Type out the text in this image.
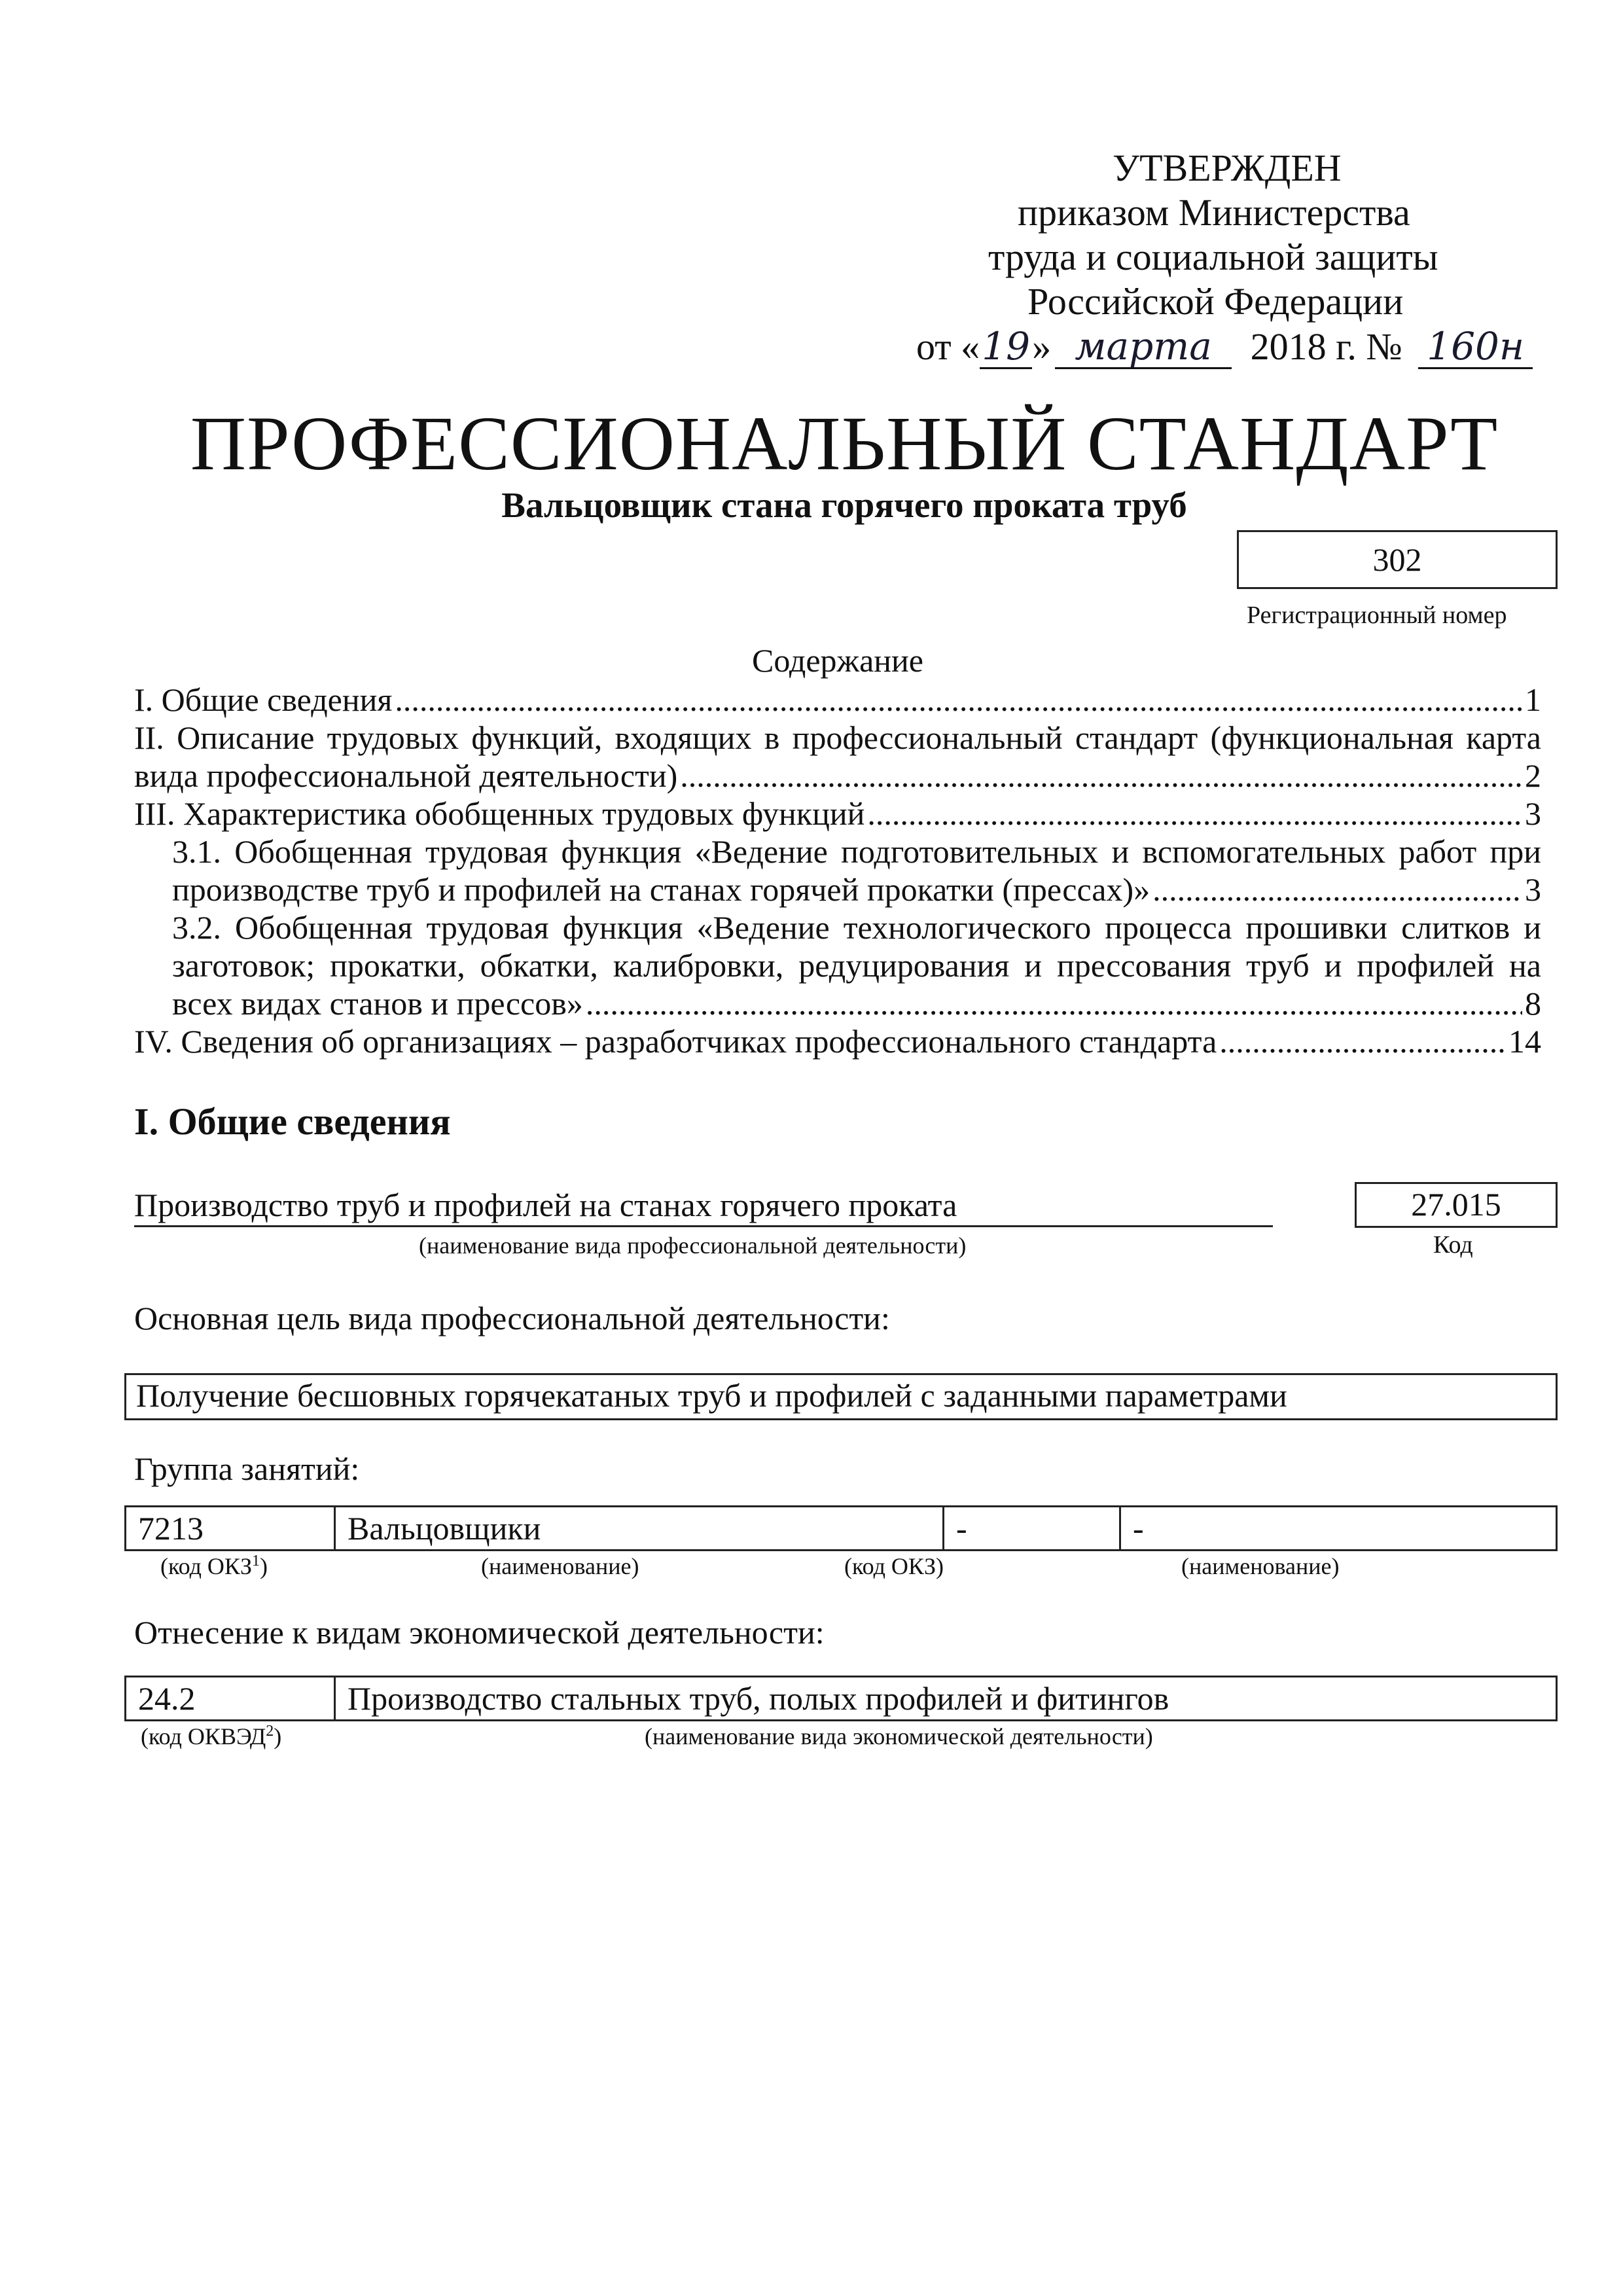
УТВЕРЖДЕН
приказом Министерства
труда и социальной защиты
Российской Федерации
от «19» марта 2018 г. № 160н
ПРОФЕССИОНАЛЬНЫЙ СТАНДАРТ
Вальцовщик стана горячего проката труб
302
Регистрационный номер
Содержание
I. Общие сведения .....	1
II. Описание трудовых функций, входящих в профессиональный стандарт (функциональная карта
вида профессиональной деятельности) .....	2
III. Характеристика обобщенных трудовых функций .....	3
3.1. Обобщенная трудовая функция «Ведение подготовительных и вспомогательных работ при
производстве труб и профилей на станах горячей прокатки (прессах)» .....	3
3.2. Обобщенная трудовая функция «Ведение технологического процесса прошивки слитков и
заготовок; прокатки, обкатки, калибровки, редуцирования и прессования труб и профилей на
всех видах станов и прессов» .....	8
IV. Сведения об организациях – разработчиках профессионального стандарта .....	14
I. Общие сведения
Производство труб и профилей на станах горячего проката
(наименование вида профессиональной деятельности)
27.015
Код
Основная цель вида профессиональной деятельности:
Получение бесшовных горячекатаных труб и профилей с заданными параметрами
Группа занятий:
7213	Вальцовщики	-	-
(код ОКЗ$^1$)	(наименование)	(код ОКЗ)	(наименование)
Отнесение к видам экономической деятельности:
24.2	Производство стальных труб, полых профилей и фитингов
(код ОКВЭД$^2$)	(наименование вида экономической деятельности)
